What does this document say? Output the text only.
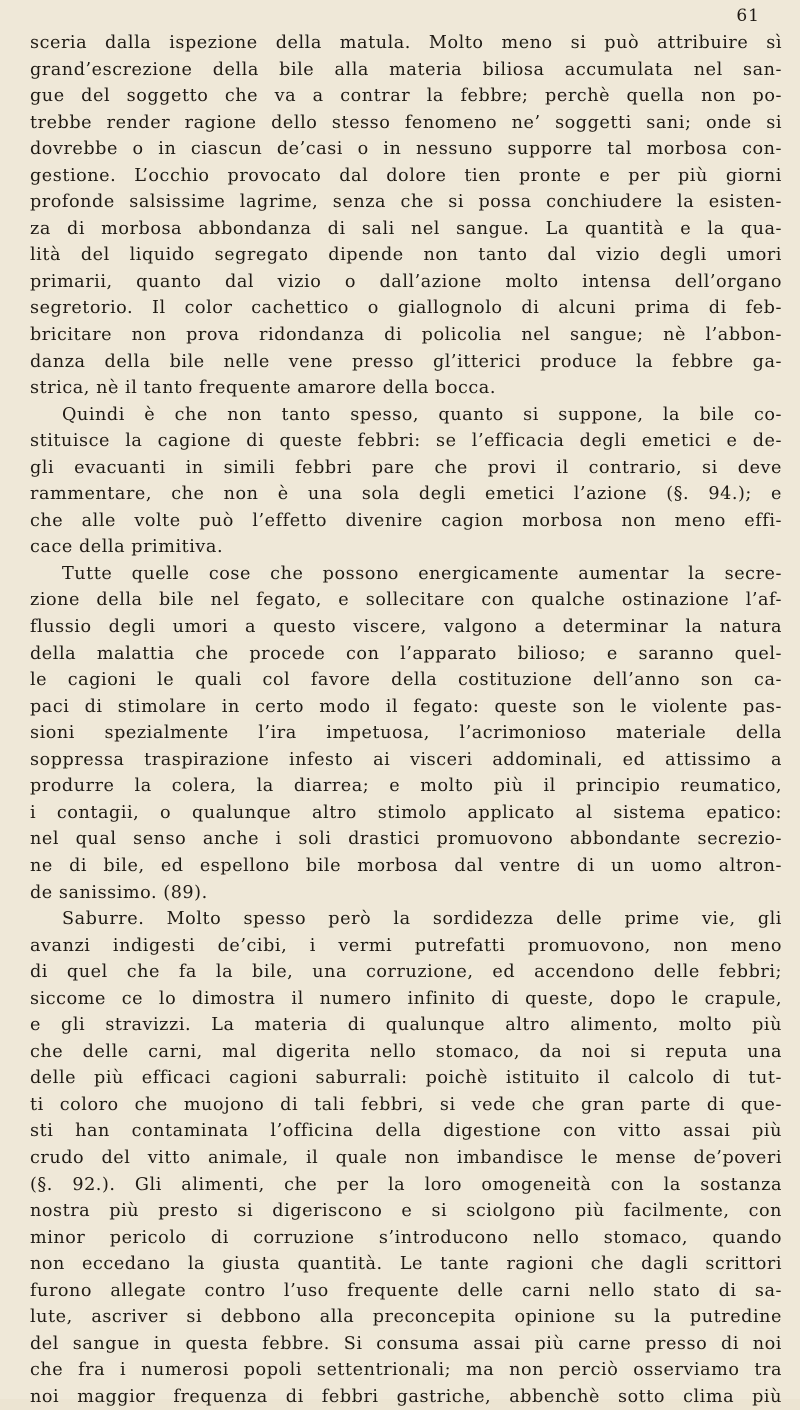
61
sceria dalla ispezione della matula. Molto meno si può attribuire sì
grand’escrezione della bile alla materia biliosa accumulata nel san-
gue del soggetto che va a contrar la febbre; perchè quella non po-
trebbe render ragione dello stesso fenomeno ne’ soggetti sani; onde si
dovrebbe o in ciascun de’casi o in nessuno supporre tal morbosa con-
gestione. L’occhio provocato dal dolore tien pronte e per più giorni
profonde salsissime lagrime, senza che si possa conchiudere la esisten-
za di morbosa abbondanza di sali nel sangue. La quantità e la qua-
lità del liquido segregato dipende non tanto dal vizio degli umori
primarii, quanto dal vizio o dall’azione molto intensa dell’organo
segretorio. Il color cachettico o giallognolo di alcuni prima di feb-
bricitare non prova ridondanza di policolia nel sangue; nè l’abbon-
danza della bile nelle vene presso gl’itterici produce la febbre ga-
strica, nè il tanto frequente amarore della bocca.
Quindi è che non tanto spesso, quanto si suppone, la bile co-
stituisce la cagione di queste febbri: se l’efficacia degli emetici e de-
gli evacuanti in simili febbri pare che provi il contrario, si deve
rammentare, che non è una sola degli emetici l’azione (§. 94.); e
che alle volte può l’effetto divenire cagion morbosa non meno effi-
cace della primitiva.
Tutte quelle cose che possono energicamente aumentar la secre-
zione della bile nel fegato, e sollecitare con qualche ostinazione l’af-
flussio degli umori a questo viscere, valgono a determinar la natura
della malattia che procede con l’apparato bilioso; e saranno quel-
le cagioni le quali col favore della costituzione dell’anno son ca-
paci di stimolare in certo modo il fegato: queste son le violente pas-
sioni spezialmente l’ira impetuosa, l’acrimonioso materiale della
soppressa traspirazione infesto ai visceri addominali, ed attissimo a
produrre la colera, la diarrea; e molto più il principio reumatico,
i contagii, o qualunque altro stimolo applicato al sistema epatico:
nel qual senso anche i soli drastici promuovono abbondante secrezio-
ne di bile, ed espellono bile morbosa dal ventre di un uomo altron-
de sanissimo. (89).
Saburre. Molto spesso però la sordidezza delle prime vie, gli
avanzi indigesti de’cibi, i vermi putrefatti promuovono, non meno
di quel che fa la bile, una corruzione, ed accendono delle febbri;
siccome ce lo dimostra il numero infinito di queste, dopo le crapule,
e gli stravizzi. La materia di qualunque altro alimento, molto più
che delle carni, mal digerita nello stomaco, da noi si reputa una
delle più efficaci cagioni saburrali: poichè istituito il calcolo di tut-
ti coloro che muojono di tali febbri, si vede che gran parte di que-
sti han contaminata l’officina della digestione con vitto assai più
crudo del vitto animale, il quale non imbandisce le mense de’poveri
(§. 92.). Gli alimenti, che per la loro omogeneità con la sostanza
nostra più presto si digeriscono e si sciolgono più facilmente, con
minor pericolo di corruzione s’introducono nello stomaco, quando
non eccedano la giusta quantità. Le tante ragioni che dagli scrittori
furono allegate contro l’uso frequente delle carni nello stato di sa-
lute, ascriver si debbono alla preconcepita opinione su la putredine
del sangue in questa febbre. Si consuma assai più carne presso di noi
che fra i numerosi popoli settentrionali; ma non perciò osserviamo tra
noi maggior frequenza di febbri gastriche, abbenchè sotto clima più
